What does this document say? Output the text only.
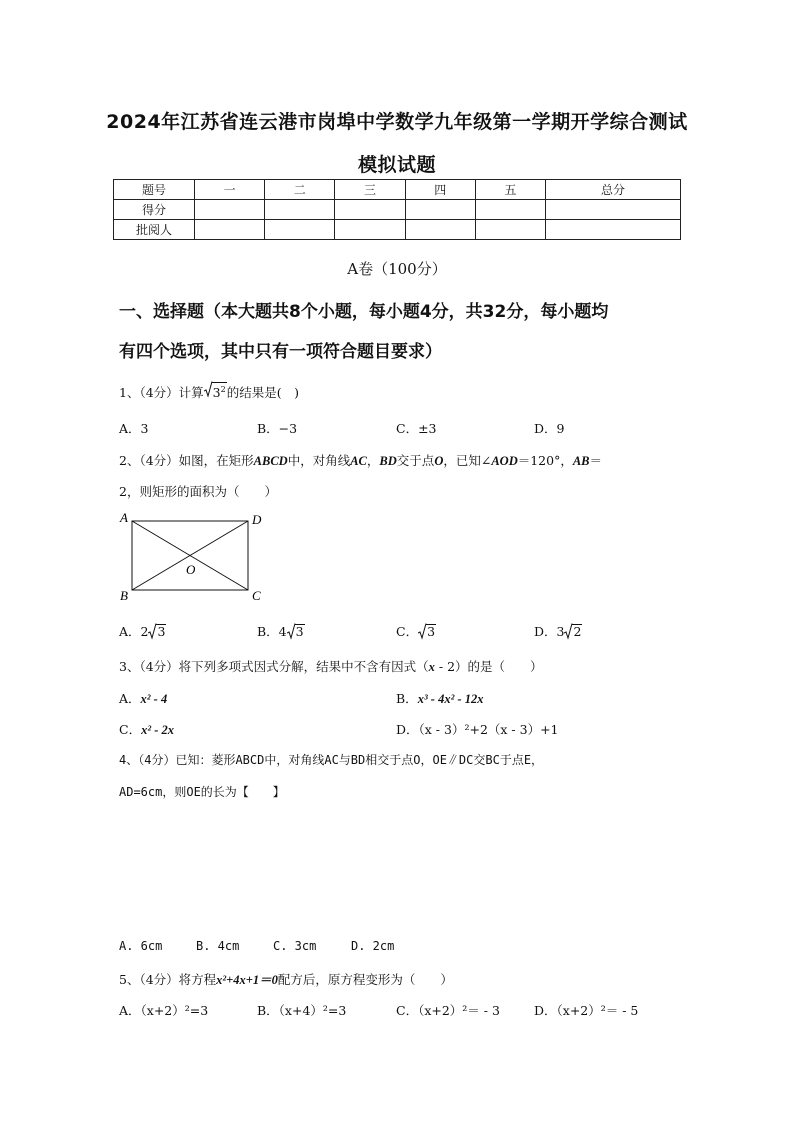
2024年江苏省连云港市岗埠中学数学九年级第一学期开学综合测试
模拟试题
题号	一	二	三	四	五	总分
得分						
批阅人						
A卷（100分）
一、选择题（本大题共8个小题，每小题4分，共32分，每小题均
有四个选项，其中只有一项符合题目要求）
1、（4分）计算 $3^2$的结果是(　)
A．3	B．−3	C．±3	D．9
2、（4分）如图，在矩形ABCD中，对角线AC，BD交于点O，已知∠AOD＝120°，AB＝
2，则矩形的面积为（　　）
A	D
B	C
O
A．2 3	B．4 3	C． 3	D．3 2
3、（4分）将下列多项式因式分解，结果中不含有因式（x - 2）的是（　　）
A．x² - 4	B．x³ - 4x² - 12x
C．x² - 2x	D．（x - 3）²+2（x - 3）+1
4、（4分）已知：菱形ABCD中，对角线AC与BD相交于点O，OE∥DC交BC于点E，
AD=6cm，则OE的长为【　　】
A. 6cm	B. 4cm	C. 3cm	D. 2cm
5、（4分）将方程x²+4x+1＝0配方后，原方程变形为（　　）
A．（x+2）²=3	B．（x+4）²=3	C．（x+2）²＝ - 3	D．（x+2）²＝ - 5
